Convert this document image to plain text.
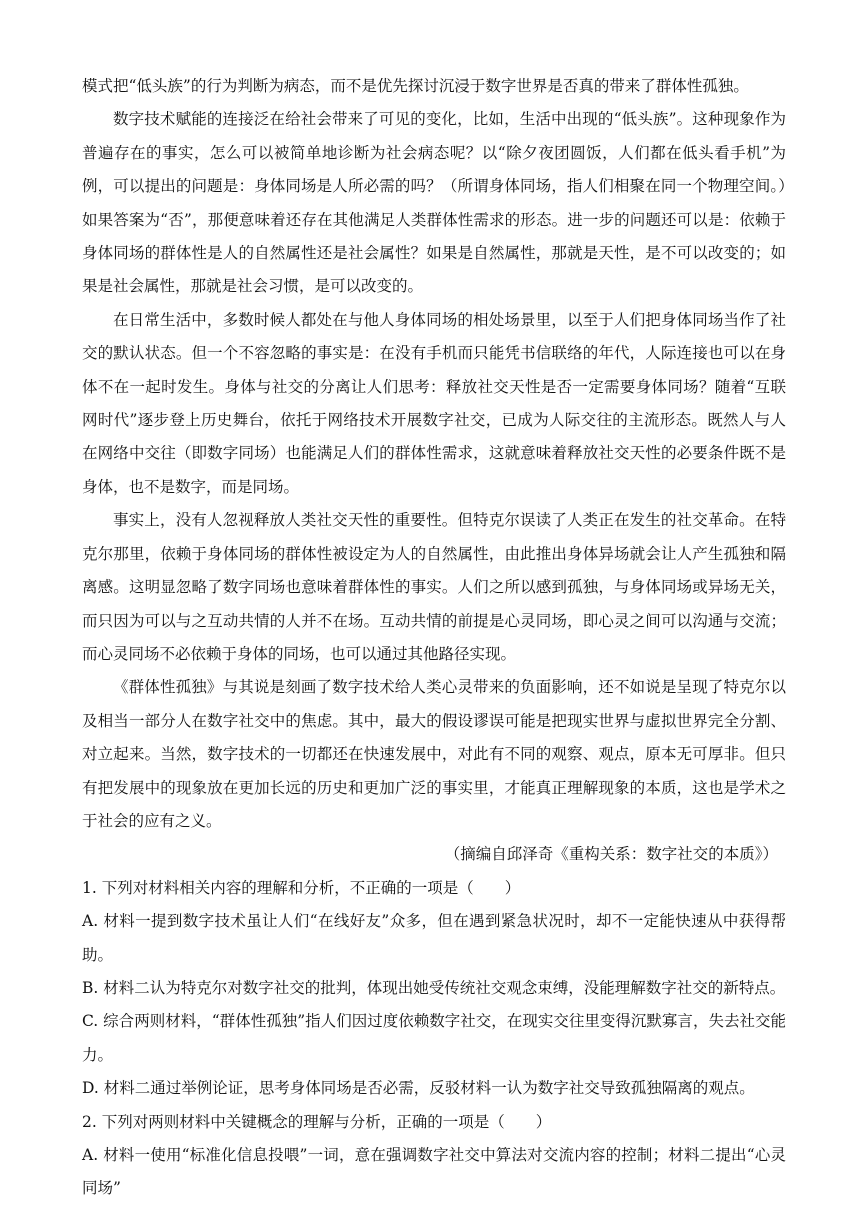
模式把“低头族”的行为判断为病态，而不是优先探讨沉浸于数字世界是否真的带来了群体性孤独。

数字技术赋能的连接泛在给社会带来了可见的变化，比如，生活中出现的“低头族”。这种现象作为普遍存在的事实，怎么可以被简单地诊断为社会病态呢？以“除夕夜团圆饭，人们都在低头看手机”为例，可以提出的问题是：身体同场是人所必需的吗？（所谓身体同场，指人们相聚在同一个物理空间。）如果答案为“否”，那便意味着还存在其他满足人类群体性需求的形态。进一步的问题还可以是：依赖于身体同场的群体性是人的自然属性还是社会属性？如果是自然属性，那就是天性，是不可以改变的；如果是社会属性，那就是社会习惯，是可以改变的。

在日常生活中，多数时候人都处在与他人身体同场的相处场景里，以至于人们把身体同场当作了社交的默认状态。但一个不容忽略的事实是：在没有手机而只能凭书信联络的年代，人际连接也可以在身体不在一起时发生。身体与社交的分离让人们思考：释放社交天性是否一定需要身体同场？随着“互联网时代”逐步登上历史舞台，依托于网络技术开展数字社交，已成为人际交往的主流形态。既然人与人在网络中交往（即数字同场）也能满足人们的群体性需求，这就意味着释放社交天性的必要条件既不是身体，也不是数字，而是同场。

事实上，没有人忽视释放人类社交天性的重要性。但特克尔误读了人类正在发生的社交革命。在特克尔那里，依赖于身体同场的群体性被设定为人的自然属性，由此推出身体异场就会让人产生孤独和隔离感。这明显忽略了数字同场也意味着群体性的事实。人们之所以感到孤独，与身体同场或异场无关，而只因为可以与之互动共情的人并不在场。互动共情的前提是心灵同场，即心灵之间可以沟通与交流；而心灵同场不必依赖于身体的同场，也可以通过其他路径实现。

《群体性孤独》与其说是刻画了数字技术给人类心灵带来的负面影响，还不如说是呈现了特克尔以及相当一部分人在数字社交中的焦虑。其中，最大的假设谬误可能是把现实世界与虚拟世界完全分割、对立起来。当然，数字技术的一切都还在快速发展中，对此有不同的观察、观点，原本无可厚非。但只有把发展中的现象放在更加长远的历史和更加广泛的事实里，才能真正理解现象的本质，这也是学术之于社会的应有之义。

（摘编自邱泽奇《重构关系：数字社交的本质》）

1. 下列对材料相关内容的理解和分析，不正确的一项是（　　）

A. 材料一提到数字技术虽让人们“在线好友”众多，但在遇到紧急状况时，却不一定能快速从中获得帮助。

B. 材料二认为特克尔对数字社交的批判，体现出她受传统社交观念束缚，没能理解数字社交的新特点。

C. 综合两则材料，“群体性孤独”指人们因过度依赖数字社交，在现实交往里变得沉默寡言，失去社交能力。

D. 材料二通过举例论证，思考身体同场是否必需，反驳材料一认为数字社交导致孤独隔离的观点。

2. 下列对两则材料中关键概念的理解与分析，正确的一项是（　　）

A. 材料一使用“标准化信息投喂”一词，意在强调数字社交中算法对交流内容的控制；材料二提出“心灵同场”
